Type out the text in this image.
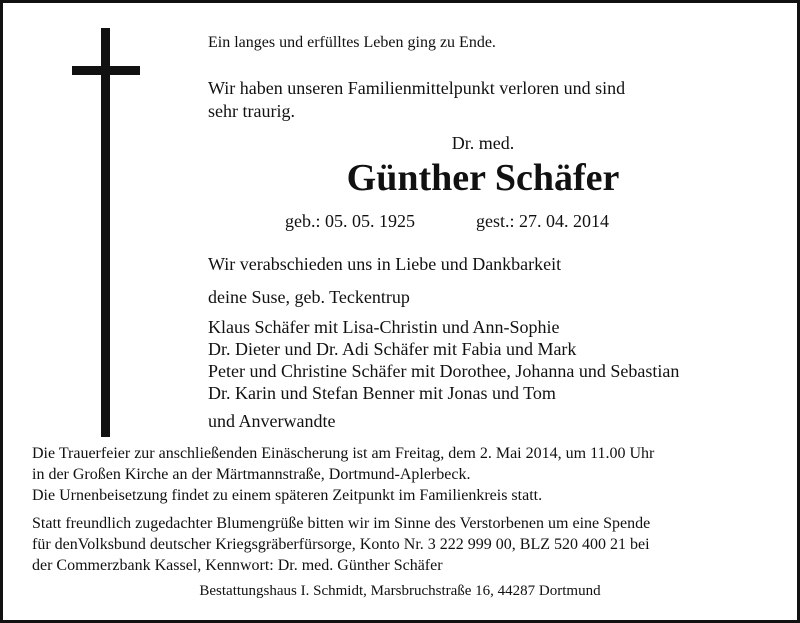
Ein langes und erfülltes Leben ging zu Ende.

Wir haben unseren Familienmittelpunkt verloren und sind

sehr traurig.

Dr. med.

Günther Schäfer

geb.: 05. 05. 1925	gest.: 27. 04. 2014

Wir verabschieden uns in Liebe und Dankbarkeit

deine Suse, geb. Teckentrup

Klaus Schäfer mit Lisa-Christin und Ann-Sophie

Dr. Dieter und Dr. Adi Schäfer mit Fabia und Mark

Peter und Christine Schäfer mit Dorothee, Johanna und Sebastian

Dr. Karin und Stefan Benner mit Jonas und Tom

und Anverwandte

Die Trauerfeier zur anschließenden Einäscherung ist am Freitag, dem 2. Mai 2014, um 11.00 Uhr

in der Großen Kirche an der Märtmannstraße, Dortmund-Aplerbeck.

Die Urnenbeisetzung findet zu einem späteren Zeitpunkt im Familienkreis statt.

Statt freundlich zugedachter Blumengrüße bitten wir im Sinne des Verstorbenen um eine Spende

für denVolksbund deutscher Kriegsgräberfürsorge, Konto Nr. 3 222 999 00, BLZ 520 400 21 bei

der Commerzbank Kassel, Kennwort: Dr. med. Günther Schäfer

Bestattungshaus I. Schmidt, Marsbruchstraße 16, 44287 Dortmund
